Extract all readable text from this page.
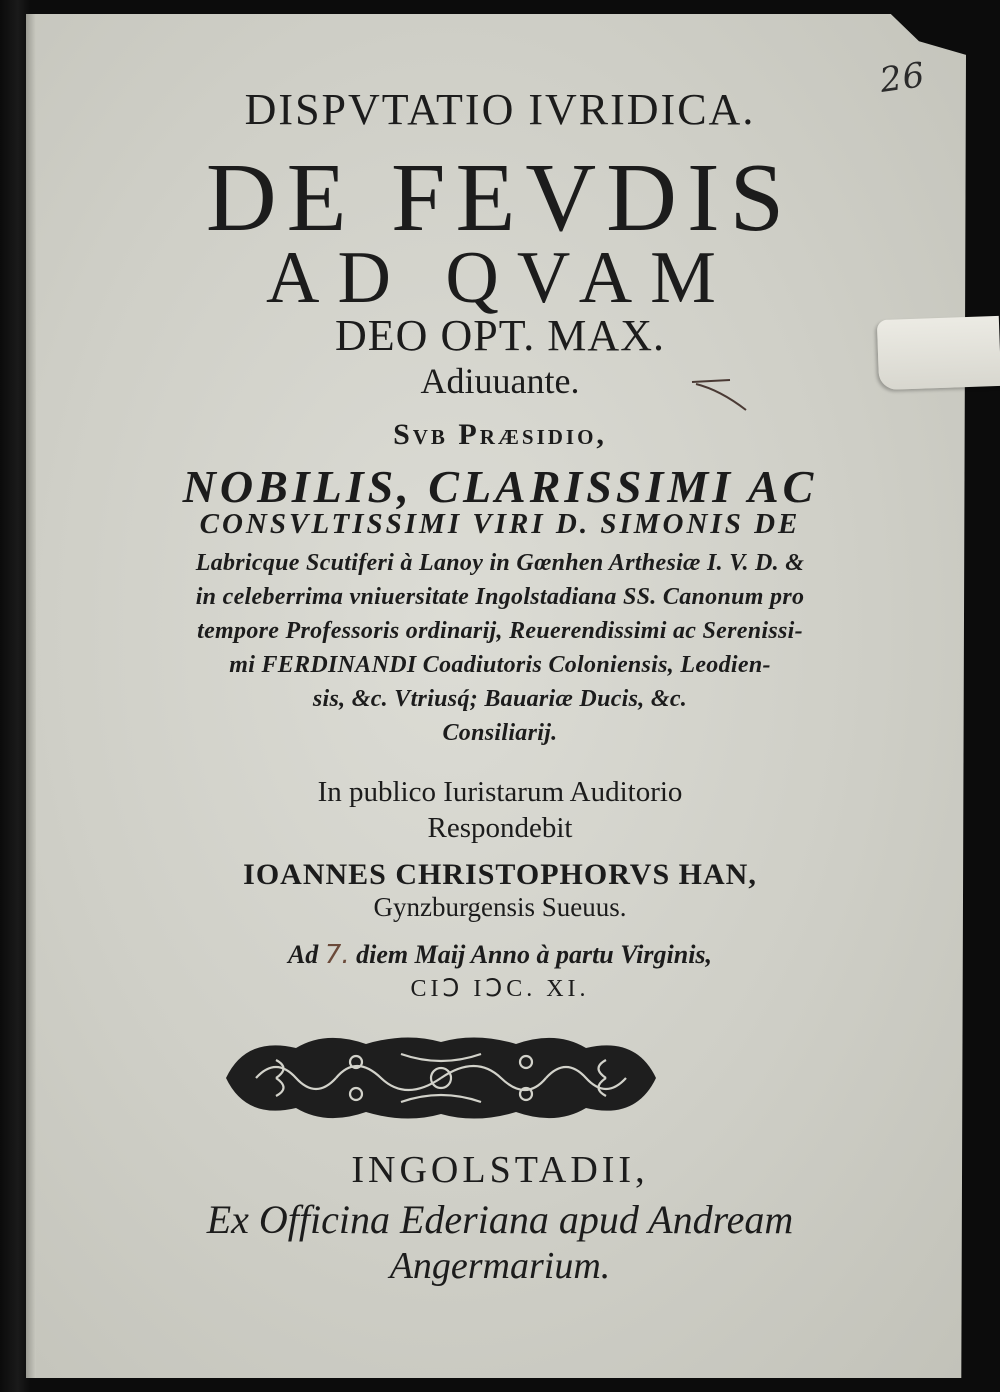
26
DISPVTATIO IVRIDICA.
DE FEVDIS
AD QVAM
DEO OPT. MAX.
Adiuuante.
Svb Præsidio,
NOBILIS, CLARISSIMI AC
CONSVLTISSIMI VIRI D. SIMONIS DE
Labricque Scutiferi à Lanoy in Gœnhen Arthesiæ I. V. D. &
in celeberrima vniuersitate Ingolstadiana SS. Canonum pro
tempore Professoris ordinarij, Reuerendissimi ac Serenissi-
mi FERDINANDI Coadiutoris Coloniensis, Leodien-
sis, &c. Vtriusq́; Bauariæ Ducis, &c.
Consiliarij.
In publico Iuristarum Auditorio
Respondebit
IOANNES CHRISTOPHORVS HAN,
Gynzburgensis Sueuus.
Ad 7. diem Maij Anno à partu Virginis,
CIↃ IↃC. XI.
INGOLSTADII,
Ex Officina Ederiana apud Andream
Angermarium.
